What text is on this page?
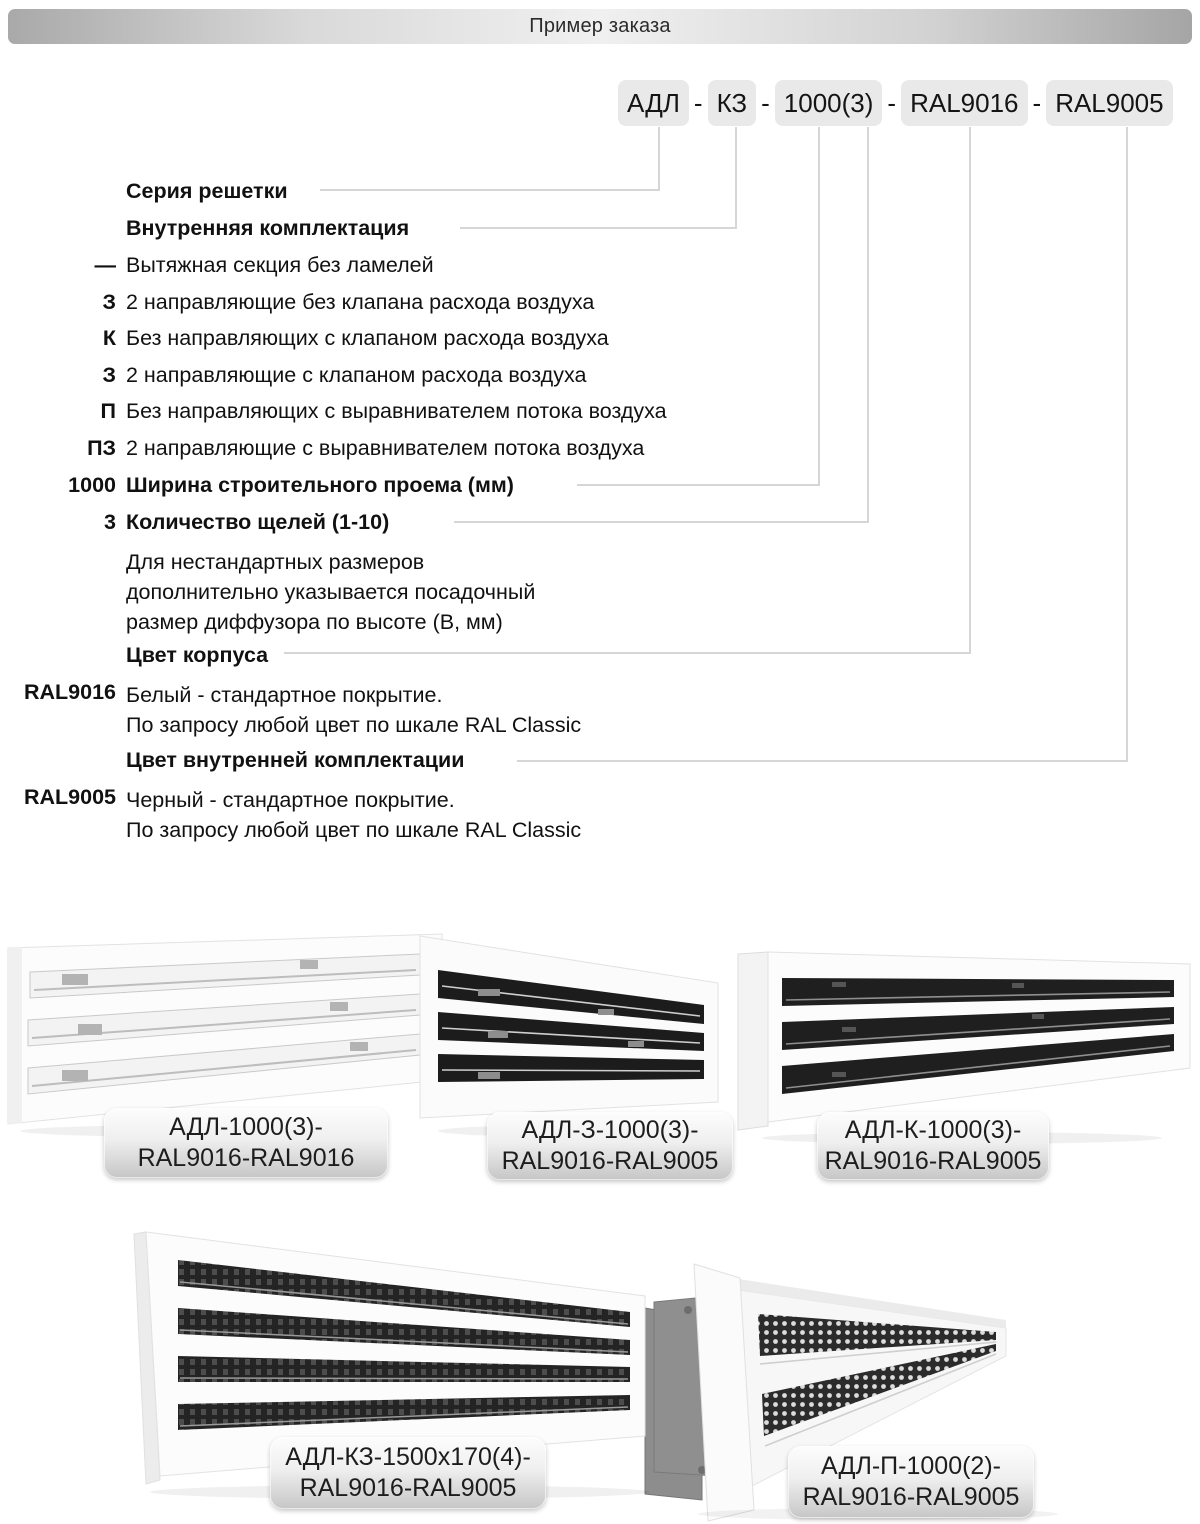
Пример заказа
АДЛ - КЗ - 1000(3) - RAL9016 - RAL9005
Серия решетки
Внутренняя комплектация
— Вытяжная секция без ламелей
З 2 направляющие без клапана расхода воздуха
К Без направляющих с клапаном расхода воздуха
З 2 направляющие с клапаном расхода воздуха
П Без направляющих с выравнивателем потока воздуха
ПЗ 2 направляющие с выравнивателем потока воздуха
1000 Ширина строительного проема (мм)
3 Количество щелей (1-10)
Для нестандартных размеров
дополнительно указывается посадочный
размер диффузора по высоте (В, мм)
Цвет корпуса
RAL9016 Белый - стандартное покрытие.
По запросу любой цвет по шкале RAL Classic
Цвет внутренней комплектации
RAL9005 Черный - стандартное покрытие.
По запросу любой цвет по шкале RAL Classic
АДЛ-1000(3)-
RAL9016-RAL9016
АДЛ-З-1000(3)-
RAL9016-RAL9005
АДЛ-К-1000(3)-
RAL9016-RAL9005
АДЛ-КЗ-1500х170(4)-
RAL9016-RAL9005
АДЛ-П-1000(2)-
RAL9016-RAL9005
